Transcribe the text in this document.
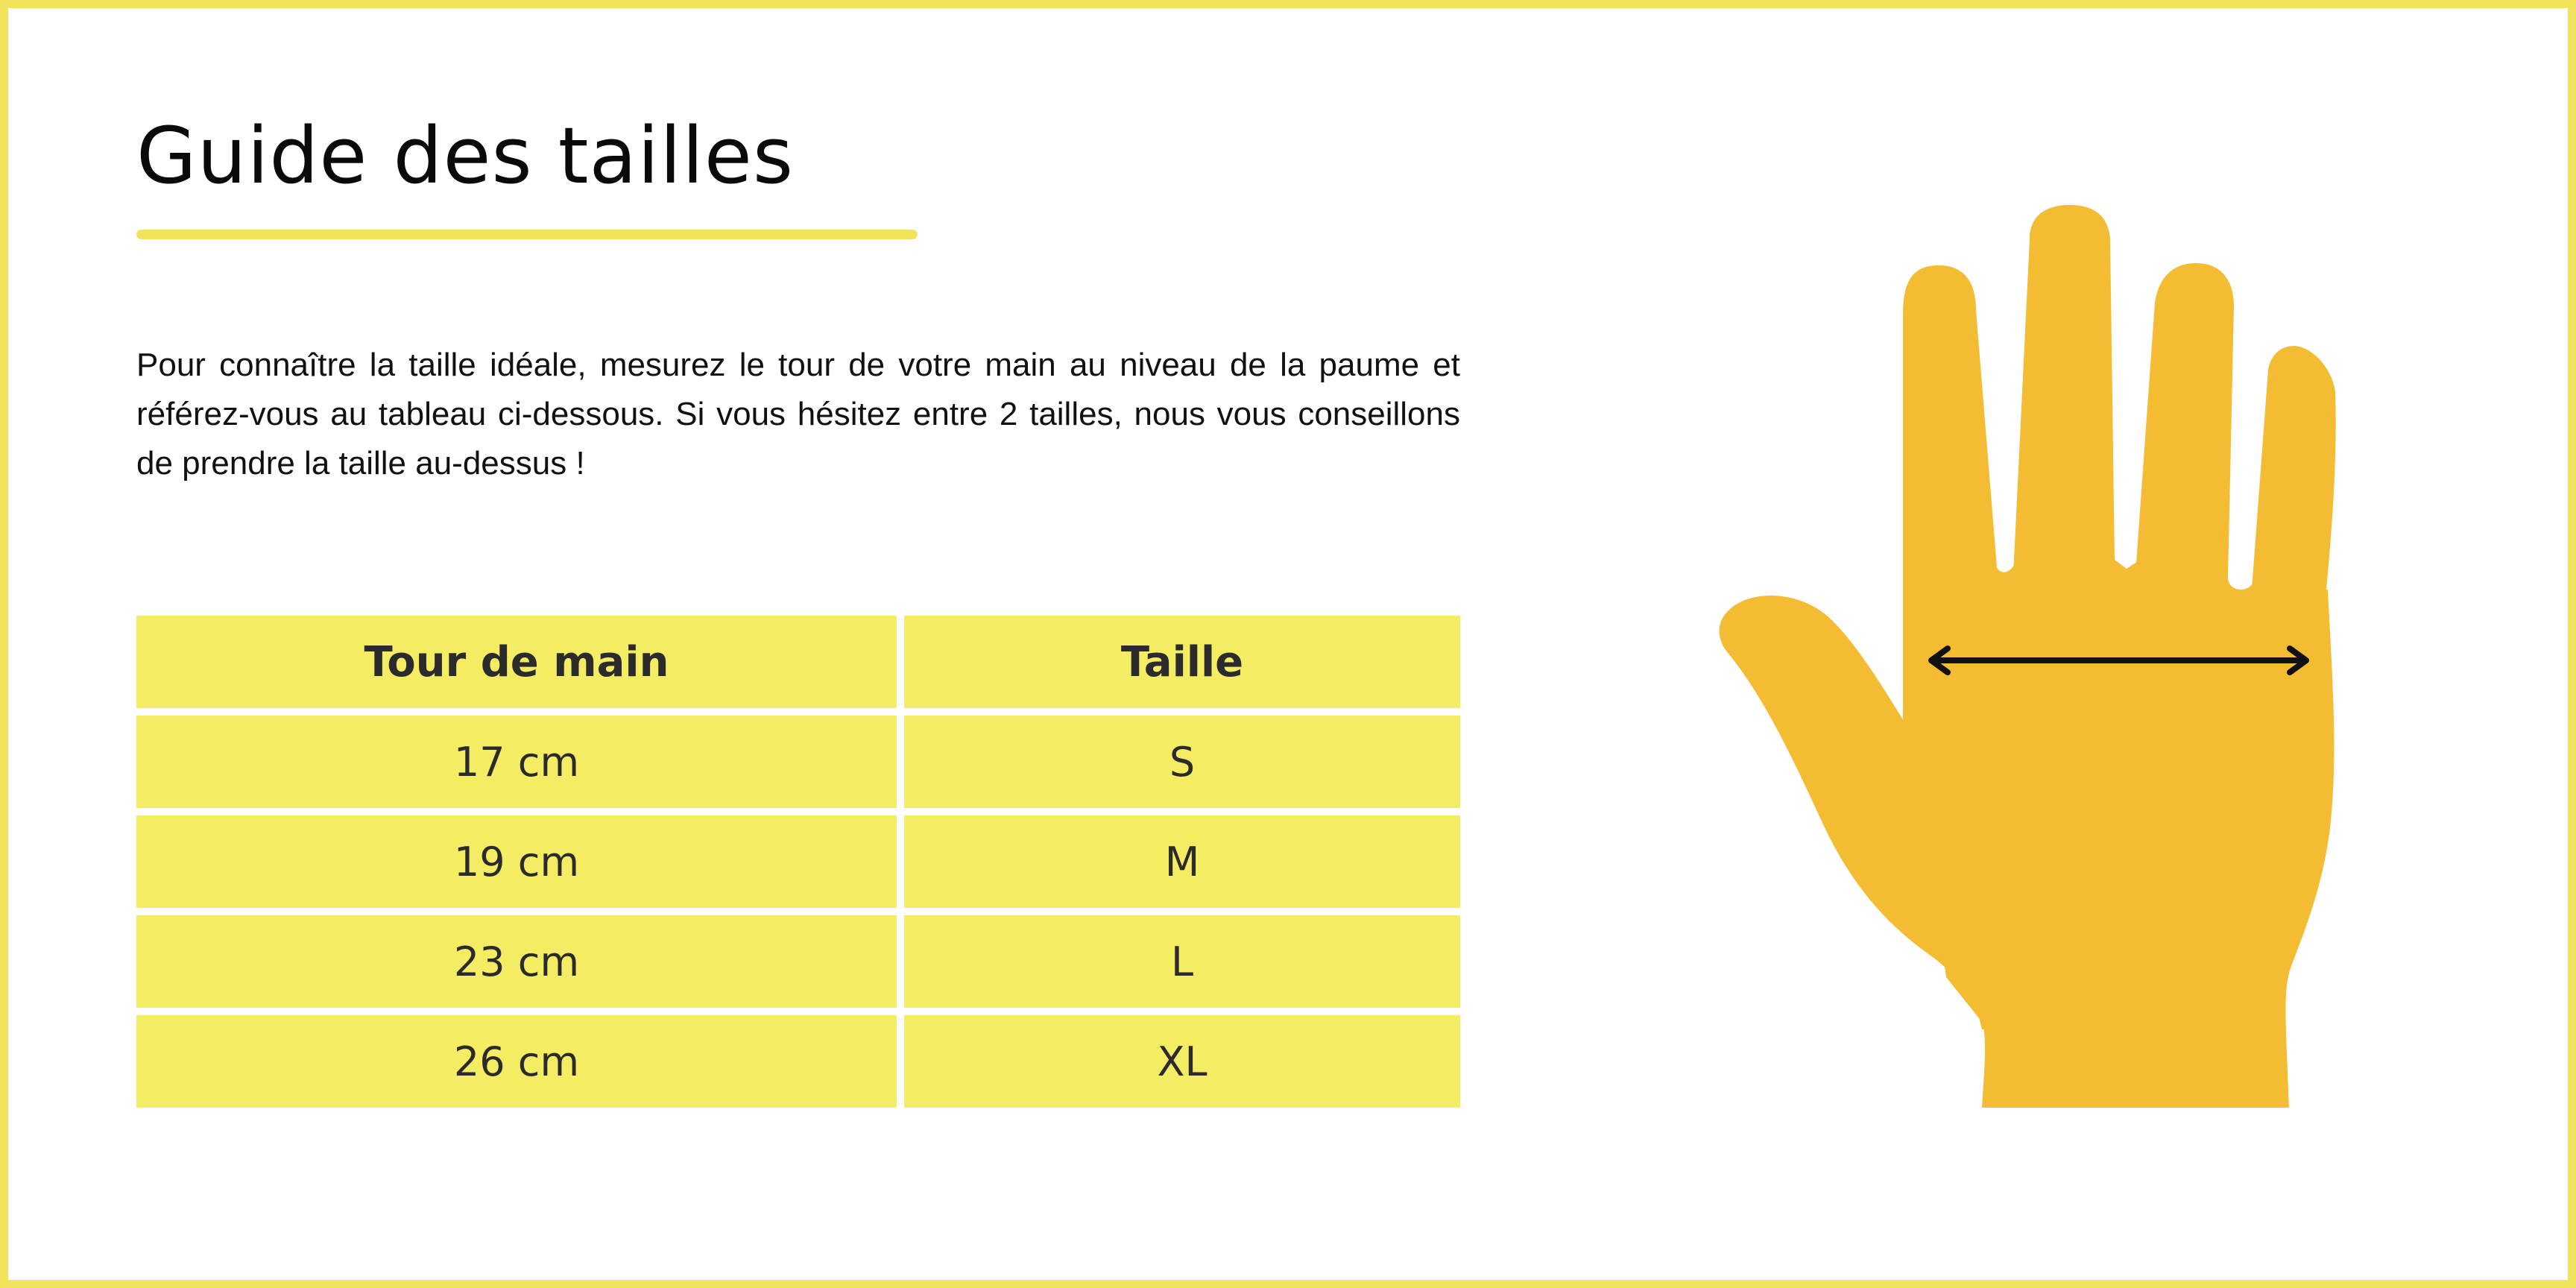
Guide des tailles

Pour connaître la taille idéale, mesurez le tour de votre main au niveau de la paume et référez-vous au tableau ci-dessous. Si vous hésitez entre 2 tailles, nous vous conseillons de prendre la taille au-dessus !

Tour de main	Taille
17 cm	S
19 cm	M
23 cm	L
26 cm	XL
